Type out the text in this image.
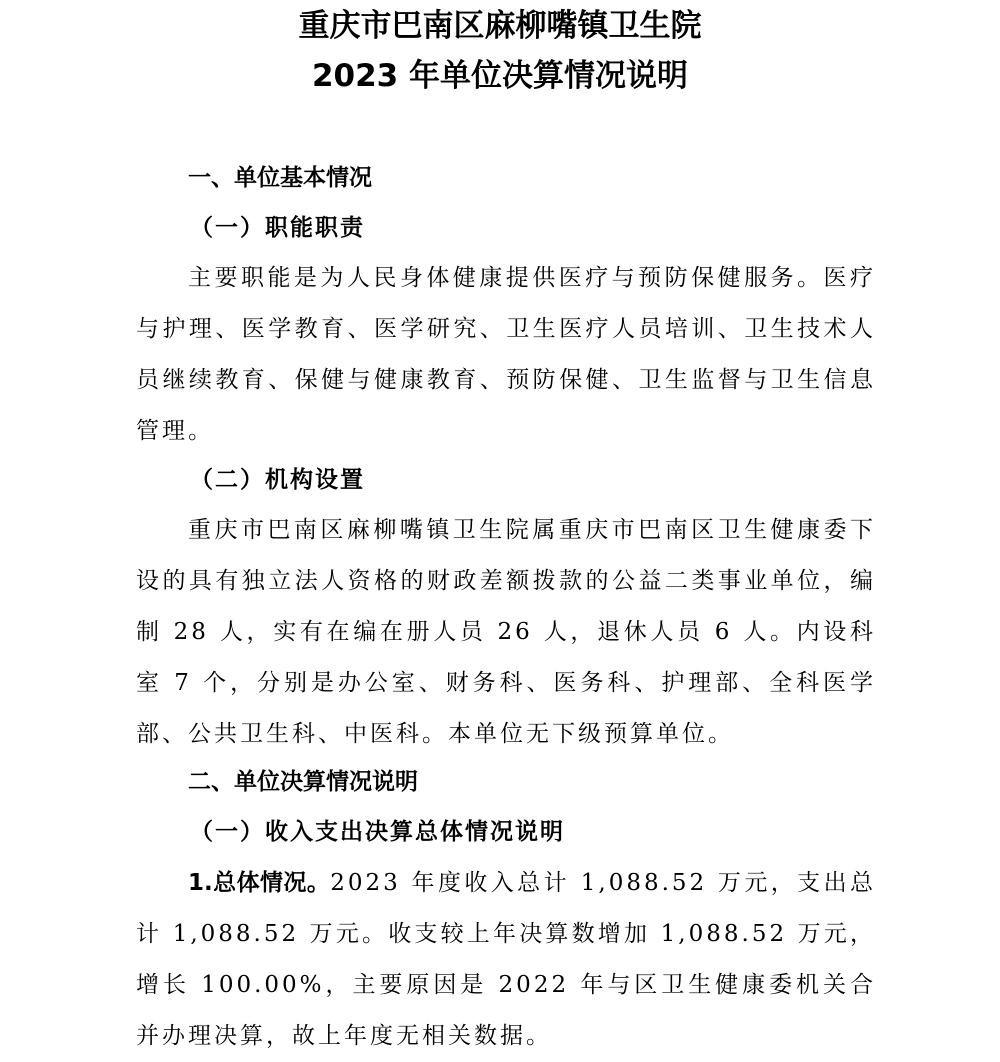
重庆市巴南区麻柳嘴镇卫生院
2023 年单位决算情况说明
一、单位基本情况
（一）职能职责

主要职能是为人民身体健康提供医疗与预防保健服务。医疗与护理、医学教育、医学研究、卫生医疗人员培训、卫生技术人员继续教育、保健与健康教育、预防保健、卫生监督与卫生信息管理。

（二）机构设置

重庆市巴南区麻柳嘴镇卫生院属重庆市巴南区卫生健康委下设的具有独立法人资格的财政差额拨款的公益二类事业单位，编制 28 人，实有在编在册人员 26 人，退休人员 6 人。内设科室 7 个，分别是办公室、财务科、医务科、护理部、全科医学部、公共卫生科、中医科。本单位无下级预算单位。

二、单位决算情况说明
（一）收入支出决算总体情况说明

1.总体情况。2023 年度收入总计 1,088.52 万元，支出总计 1,088.52 万元。收支较上年决算数增加 1,088.52 万元，增长 100.00%，主要原因是 2022 年与区卫生健康委机关合并办理决算，故上年度无相关数据。
